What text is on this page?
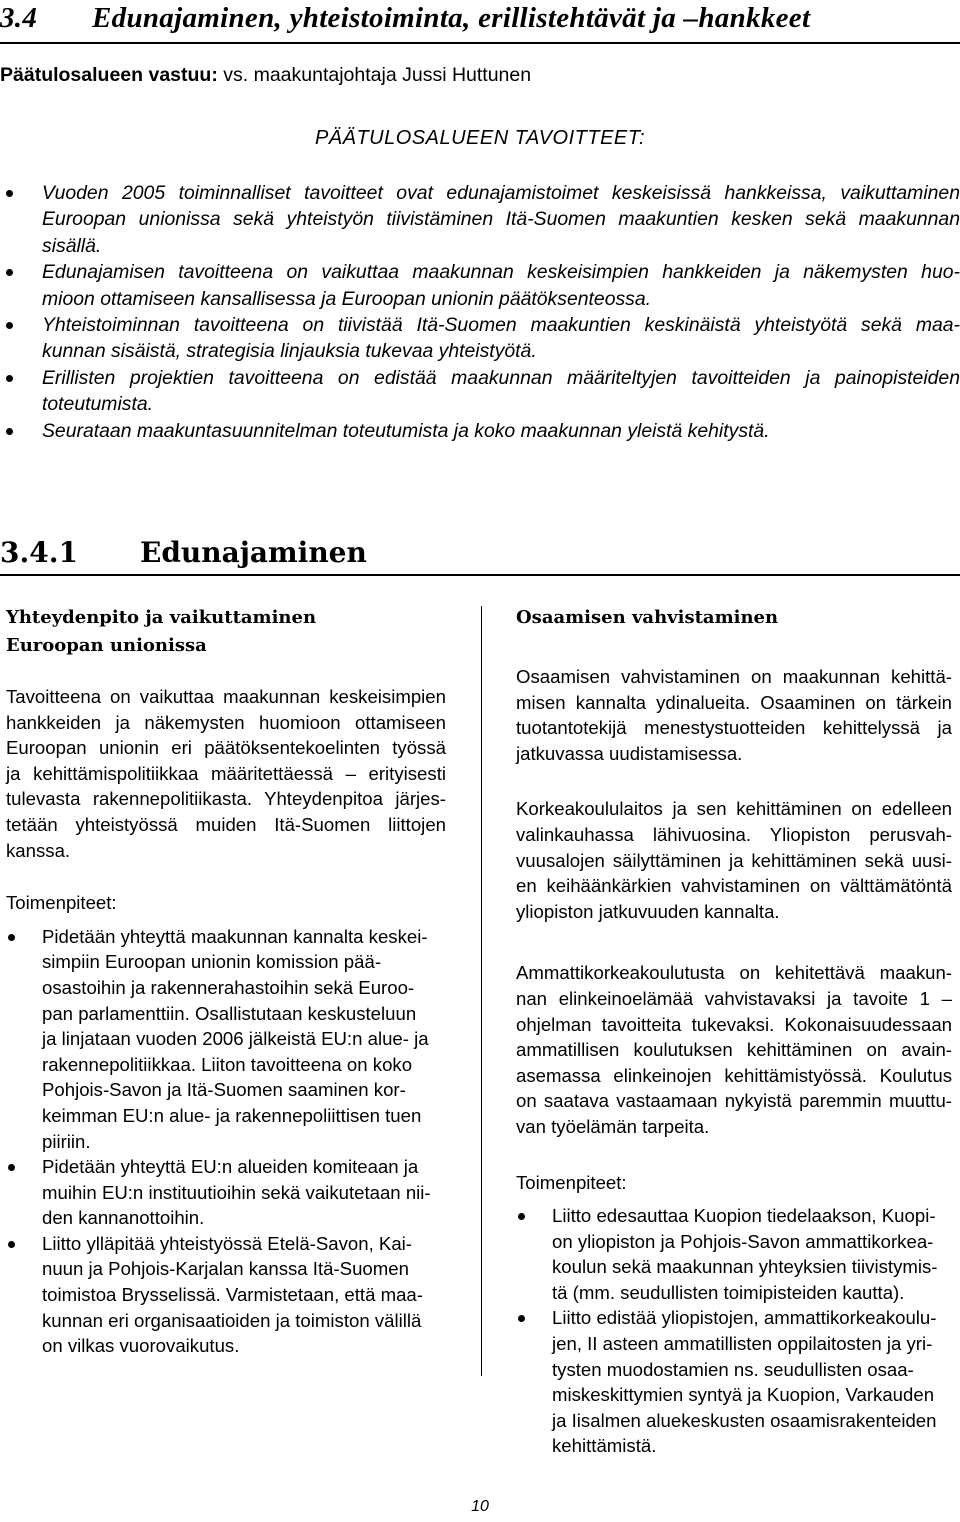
3.4 Edunajaminen, yhteistoiminta, erillistehtävät ja –hankkeet
Päätulosalueen vastuu: vs. maakuntajohtaja Jussi Huttunen
PÄÄTULOSALUEEN TAVOITTEET:
Vuoden 2005 toiminnalliset tavoitteet ovat edunajamistoimet keskeisissä hankkeissa, vaikuttaminen
Euroopan unionissa sekä yhteistyön tiivistäminen Itä-Suomen maakuntien kesken sekä maakunnan
sisällä.
Edunajamisen tavoitteena on vaikuttaa maakunnan keskeisimpien hankkeiden ja näkemysten huo-
mioon ottamiseen kansallisessa ja Euroopan unionin päätöksenteossa.
Yhteistoiminnan tavoitteena on tiivistää Itä-Suomen maakuntien keskinäistä yhteistyötä sekä maa-
kunnan sisäistä, strategisia linjauksia tukevaa yhteistyötä.
Erillisten projektien tavoitteena on edistää maakunnan määriteltyjen tavoitteiden ja painopisteiden
toteutumista.
Seurataan maakuntasuunnitelman toteutumista ja koko maakunnan yleistä kehitystä.
3.4.1 Edunajaminen
Yhteydenpito ja vaikuttaminen
Euroopan unionissa

Tavoitteena on vaikuttaa maakunnan keskeisimpien
hankkeiden ja näkemysten huomioon ottamiseen
Euroopan unionin eri päätöksentekoelinten työssä
ja kehittämispolitiikkaa määritettäessä – erityisesti
tulevasta rakennepolitiikasta. Yhteydenpitoa järjes-
tetään yhteistyössä muiden Itä-Suomen liittojen
kanssa.

Toimenpiteet:

Pidetään yhteyttä maakunnan kannalta keskei-
simpiin Euroopan unionin komission pää-
osastoihin ja rakennerahastoihin sekä Euroo-
pan parlamenttiin. Osallistutaan keskusteluun
ja linjataan vuoden 2006 jälkeistä EU:n alue- ja
rakennepolitiikkaa. Liiton tavoitteena on koko
Pohjois-Savon ja Itä-Suomen saaminen kor-
keimman EU:n alue- ja rakennepoliittisen tuen
piiriin.
Pidetään yhteyttä EU:n alueiden komiteaan ja
muihin EU:n instituutioihin sekä vaikutetaan nii-
den kannanottoihin.
Liitto ylläpitää yhteistyössä Etelä-Savon, Kai-
nuun ja Pohjois-Karjalan kanssa Itä-Suomen
toimistoa Brysselissä. Varmistetaan, että maa-
kunnan eri organisaatioiden ja toimiston välillä
on vilkas vuorovaikutus.
Osaamisen vahvistaminen

Osaamisen vahvistaminen on maakunnan kehittä-
misen kannalta ydinalueita. Osaaminen on tärkein
tuotantotekijä menestystuotteiden kehittelyssä ja
jatkuvassa uudistamisessa.

Korkeakoululaitos ja sen kehittäminen on edelleen
valinkauhassa lähivuosina. Yliopiston perusvah-
vuusalojen säilyttäminen ja kehittäminen sekä uusi-
en keihäänkärkien vahvistaminen on välttämätöntä
yliopiston jatkuvuuden kannalta.

Ammattikorkeakoulutusta on kehitettävä maakun-
nan elinkeinoelämää vahvistavaksi ja tavoite 1 –
ohjelman tavoitteita tukevaksi. Kokonaisuudessaan
ammatillisen koulutuksen kehittäminen on avain-
asemassa elinkeinojen kehittämistyössä. Koulutus
on saatava vastaamaan nykyistä paremmin muuttu-
van työelämän tarpeita.

Toimenpiteet:

Liitto edesauttaa Kuopion tiedelaakson, Kuopi-
on yliopiston ja Pohjois-Savon ammattikorkea-
koulun sekä maakunnan yhteyksien tiivistymis-
tä (mm. seudullisten toimipisteiden kautta).
Liitto edistää yliopistojen, ammattikorkeakoulu-
jen, II asteen ammatillisten oppilaitosten ja yri-
tysten muodostamien ns. seudullisten osaa-
miskeskittymien syntyä ja Kuopion, Varkauden
ja Iisalmen aluekeskusten osaamisrakenteiden
kehittämistä.
10
